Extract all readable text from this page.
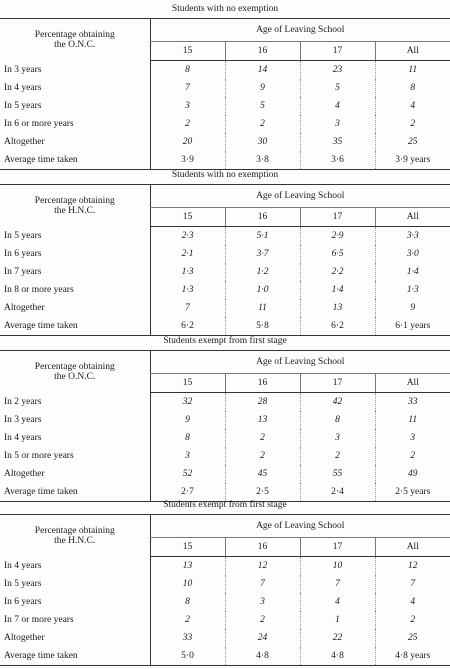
Students with no exemption
Percentage obtaining
the O.N.C.	Age of Leaving School			
	15	16	17	All
In 3 years	8	14	23	11
In 4 years	7	9	5	8
In 5 years	3	5	4	4
In 6 or more years	2	2	3	2
Altogether	20	30	35	25
Average time taken	3·9	3·8	3·6	3·9 years
Students with no exemption
Percentage obtaining
the H.N.C.	Age of Leaving School			
	15	16	17	All
In 5 years	2·3	5·1	2·9	3·3
In 6 years	2·1	3·7	6·5	3·0
In 7 years	1·3	1·2	2·2	1·4
In 8 or more years	1·3	1·0	1·4	1·3
Altogether	7	11	13	9
Average time taken	6·2	5·8	6·2	6·1 years
Students exempt from first stage
Percentage obtaining
the O.N.C.	Age of Leaving School			
	15	16	17	All
In 2 years	32	28	42	33
In 3 years	9	13	8	11
In 4 years	8	2	3	3
In 5 or more years	3	2	2	2
Altogether	52	45	55	49
Average time taken	2·7	2·5	2·4	2·5 years
Students exempt from first stage
Percentage obtaining
the H.N.C.	Age of Leaving School			
	15	16	17	All
In 4 years	13	12	10	12
In 5 years	10	7	7	7
In 6 years	8	3	4	4
In 7 or more years	2	2	1	2
Altogether	33	24	22	25
Average time taken	5·0	4·8	4·8	4·8 years
